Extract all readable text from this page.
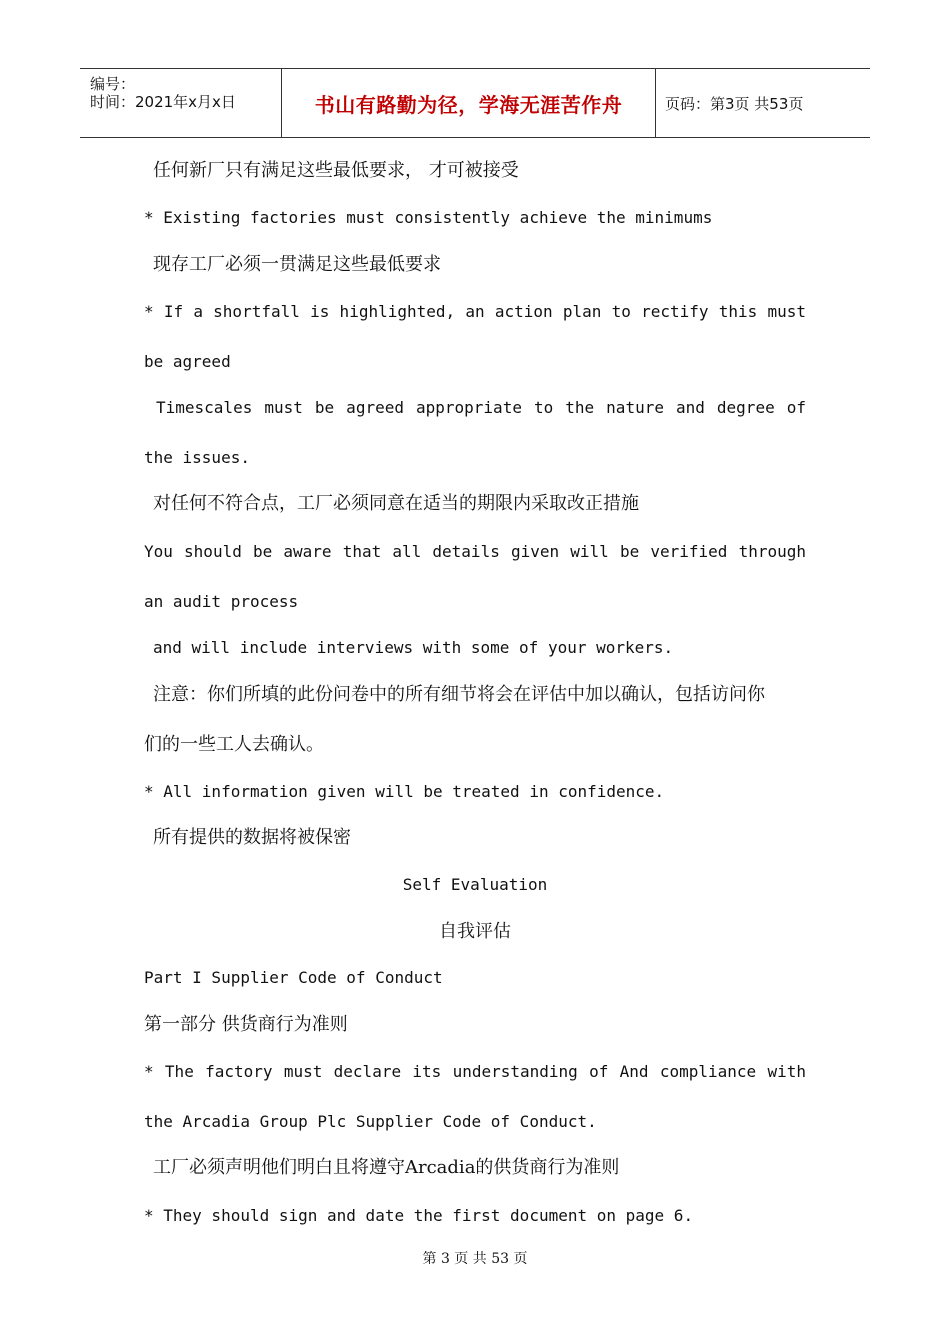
编号：
时间：2021年x月x日	书山有路勤为径，学海无涯苦作舟	页码：第3页 共53页
任何新厂只有满足这些最低要求， 才可被接受
* Existing factories must consistently achieve the minimums
现存工厂必须一贯满足这些最低要求
* If a shortfall is highlighted, an action plan to rectify this must
be agreed
Timescales must be agreed appropriate to the nature and degree of
the issues.
对任何不符合点，工厂必须同意在适当的期限内采取改正措施
You should be aware that all details given will be verified through
an audit process
and will include interviews with some of your workers.
注意：你们所填的此份问卷中的所有细节将会在评估中加以确认，包括访问你
们的一些工人去确认。
* All information given will be treated in confidence.
所有提供的数据将被保密
Self Evaluation
自我评估
Part I Supplier Code of Conduct
第一部分 供货商行为准则
* The factory must declare its understanding of And compliance with
the Arcadia Group Plc Supplier Code of Conduct.
工厂必须声明他们明白且将遵守Arcadia的供货商行为准则
* They should sign and date the first document on page 6.
第 3 页 共 53 页
